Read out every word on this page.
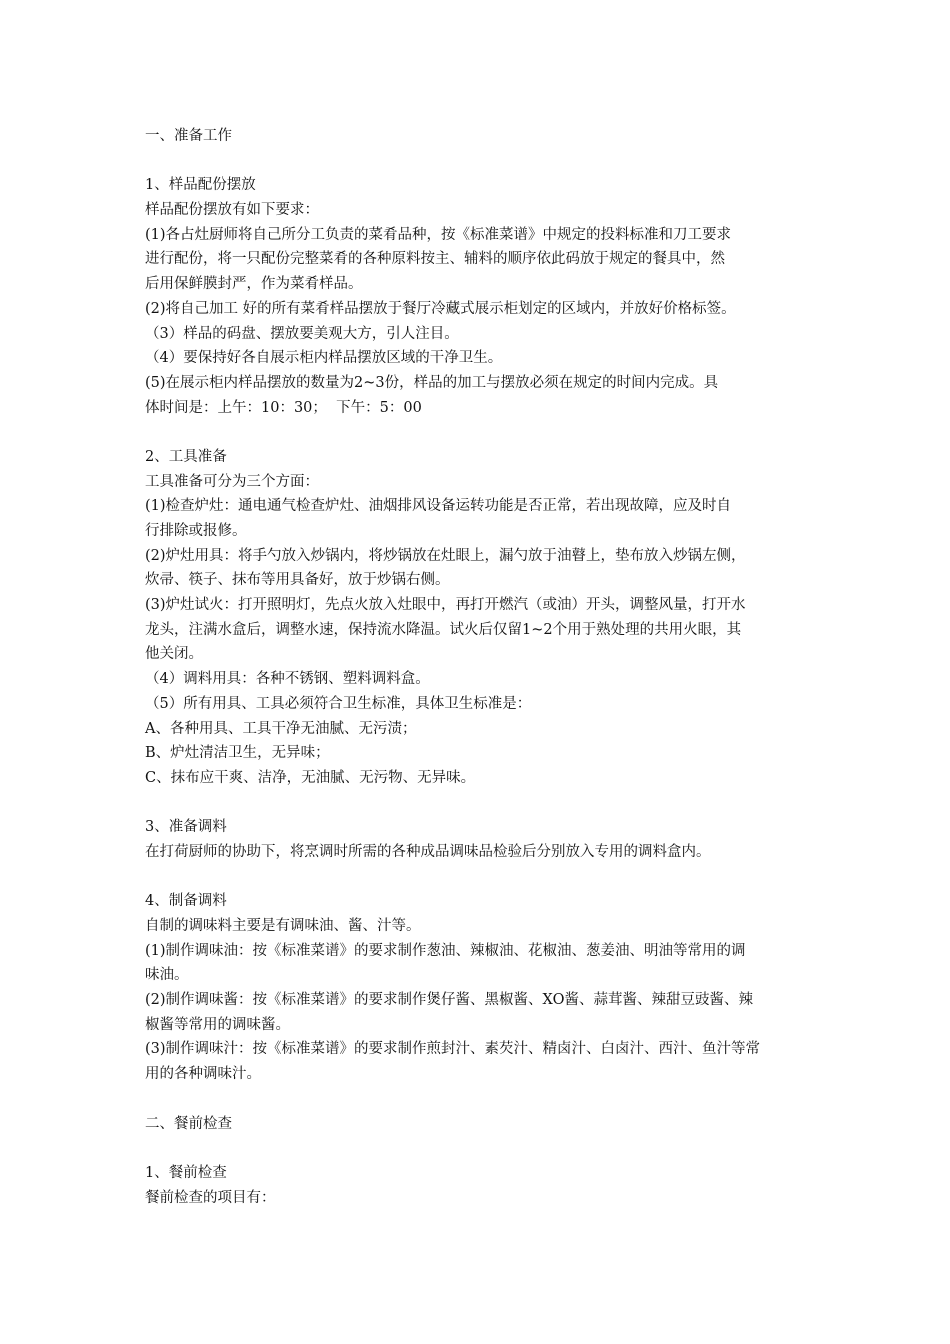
一、准备工作
1、样品配份摆放
样品配份摆放有如下要求：
(1)各占灶厨师将自己所分工负责的菜肴品种，按《标准菜谱》中规定的投料标准和刀工要求
进行配份，将一只配份完整菜肴的各种原料按主、辅料的顺序依此码放于规定的餐具中，然
后用保鲜膜封严，作为菜肴样品。
(2)将自己加工 好的所有菜肴样品摆放于餐厅冷藏式展示柜划定的区域内，并放好价格标签。
（3）样品的码盘、摆放要美观大方，引人注目。
（4）要保持好各自展示柜内样品摆放区域的干净卫生。
(5)在展示柜内样品摆放的数量为2~3份，样品的加工与摆放必须在规定的时间内完成。具
体时间是：上午：10：30；  下午：5：00
2、工具准备
工具准备可分为三个方面：
(1)检查炉灶：通电通气检查炉灶、油烟排风设备运转功能是否正常，若出现故障，应及时自
行排除或报修。
(2)炉灶用具：将手勺放入炒锅内，将炒锅放在灶眼上，漏勺放于油瞽上，垫布放入炒锅左侧，
炊帚、筷子、抹布等用具备好，放于炒锅右侧。
(3)炉灶试火：打开照明灯，先点火放入灶眼中，再打开燃汽（或油）开头，调整风量，打开水
龙头，注满水盒后，调整水速，保持流水降温。试火后仅留1~2个用于熟处理的共用火眼，其
他关闭。
（4）调料用具：各种不锈钢、塑料调料盒。
（5）所有用具、工具必须符合卫生标准，具体卫生标准是：
A、各种用具、工具干净无油腻、无污渍；
B、炉灶清洁卫生，无异味；
C、抹布应干爽、洁净，无油腻、无污物、无异味。
3、准备调料
在打荷厨师的协助下，将烹调时所需的各种成品调味品检验后分别放入专用的调料盒内。
4、制备调料
自制的调味料主要是有调味油、酱、汁等。
(1)制作调味油：按《标准菜谱》的要求制作葱油、辣椒油、花椒油、葱姜油、明油等常用的调
味油。
(2)制作调味酱：按《标准菜谱》的要求制作煲仔酱、黑椒酱、XO酱、蒜茸酱、辣甜豆豉酱、辣
椒酱等常用的调味酱。
(3)制作调味汁：按《标准菜谱》的要求制作煎封汁、素芡汁、精卤汁、白卤汁、西汁、鱼汁等常
用的各种调味汁。
二、餐前检查
1、餐前检查
餐前检查的项目有：
